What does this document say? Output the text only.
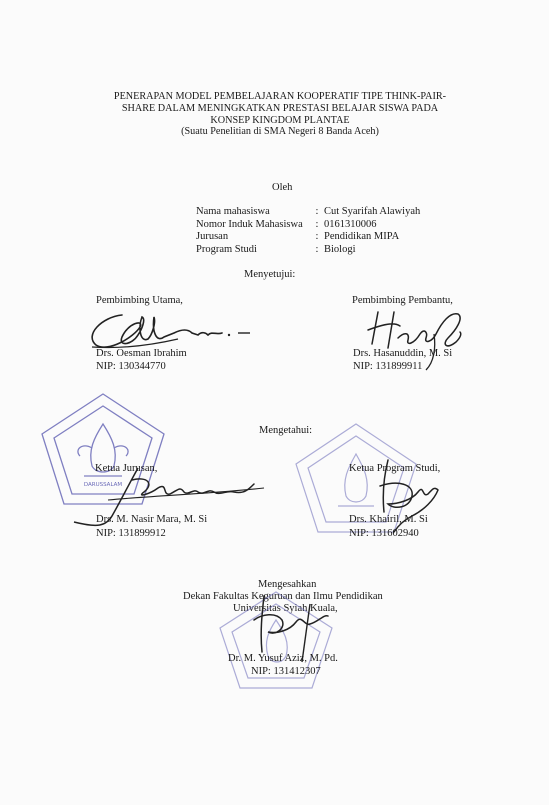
PENERAPAN MODEL PEMBELAJARAN KOOPERATIF TIPE THINK-PAIR-
SHARE DALAM MENINGKATKAN PRESTASI BELAJAR SISWA PADA
KONSEP KINGDOM PLANTAE
(Suatu Penelitian di SMA Negeri 8 Banda Aceh)
Oleh
Nama mahasiswa	:	Cut Syarifah Alawiyah
Nomor Induk Mahasiswa	:	0161310006
Jurusan	:	Pendidikan MIPA
Program Studi	:	Biologi
Menyetujui:
Pembimbing Utama,
Drs. Oesman Ibrahim
NIP: 130344770
Pembimbing Pembantu,
Drs. Hasanuddin, M. Si
NIP: 131899911
DARUSSALAM
Mengetahui:
Ketua Jurusan,
Drs. M. Nasir Mara, M. Si
NIP: 131899912
Ketua Program Studi,
Drs. Khairil, M. Si
NIP: 131602940
Mengesahkan
Dekan Fakultas Keguruan dan Ilmu Pendidikan
Universitas Syiah Kuala,
Dr. M. Yusuf Aziz, M. Pd.
NIP: 131412307
